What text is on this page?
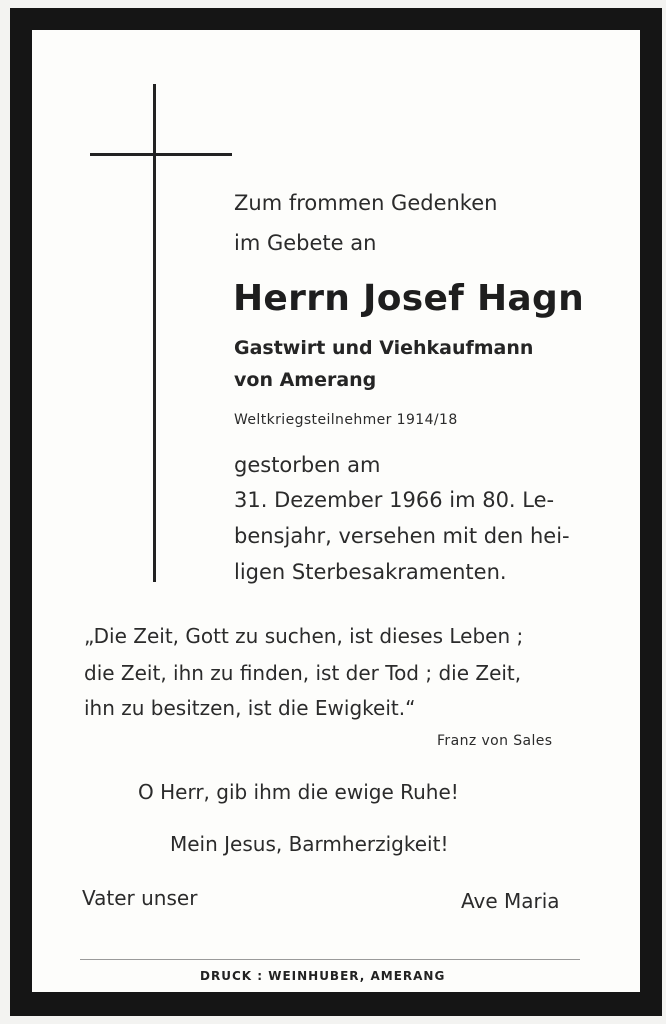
Zum frommen Gedenken
im Gebete an
Herrn Josef Hagn
Gastwirt und Viehkaufmann
von Amerang
Weltkriegsteilnehmer 1914/18
gestorben am
31. Dezember 1966 im 80. Le-
bensjahr, versehen mit den hei-
ligen Sterbesakramenten.
„Die Zeit, Gott zu suchen, ist dieses Leben ;
die Zeit, ihn zu finden, ist der Tod ; die Zeit,
ihn zu besitzen, ist die Ewigkeit.“
Franz von Sales
O Herr, gib ihm die ewige Ruhe!
Mein Jesus, Barmherzigkeit!
Vater unser	Ave Maria
DRUCK : WEINHUBER, AMERANG
